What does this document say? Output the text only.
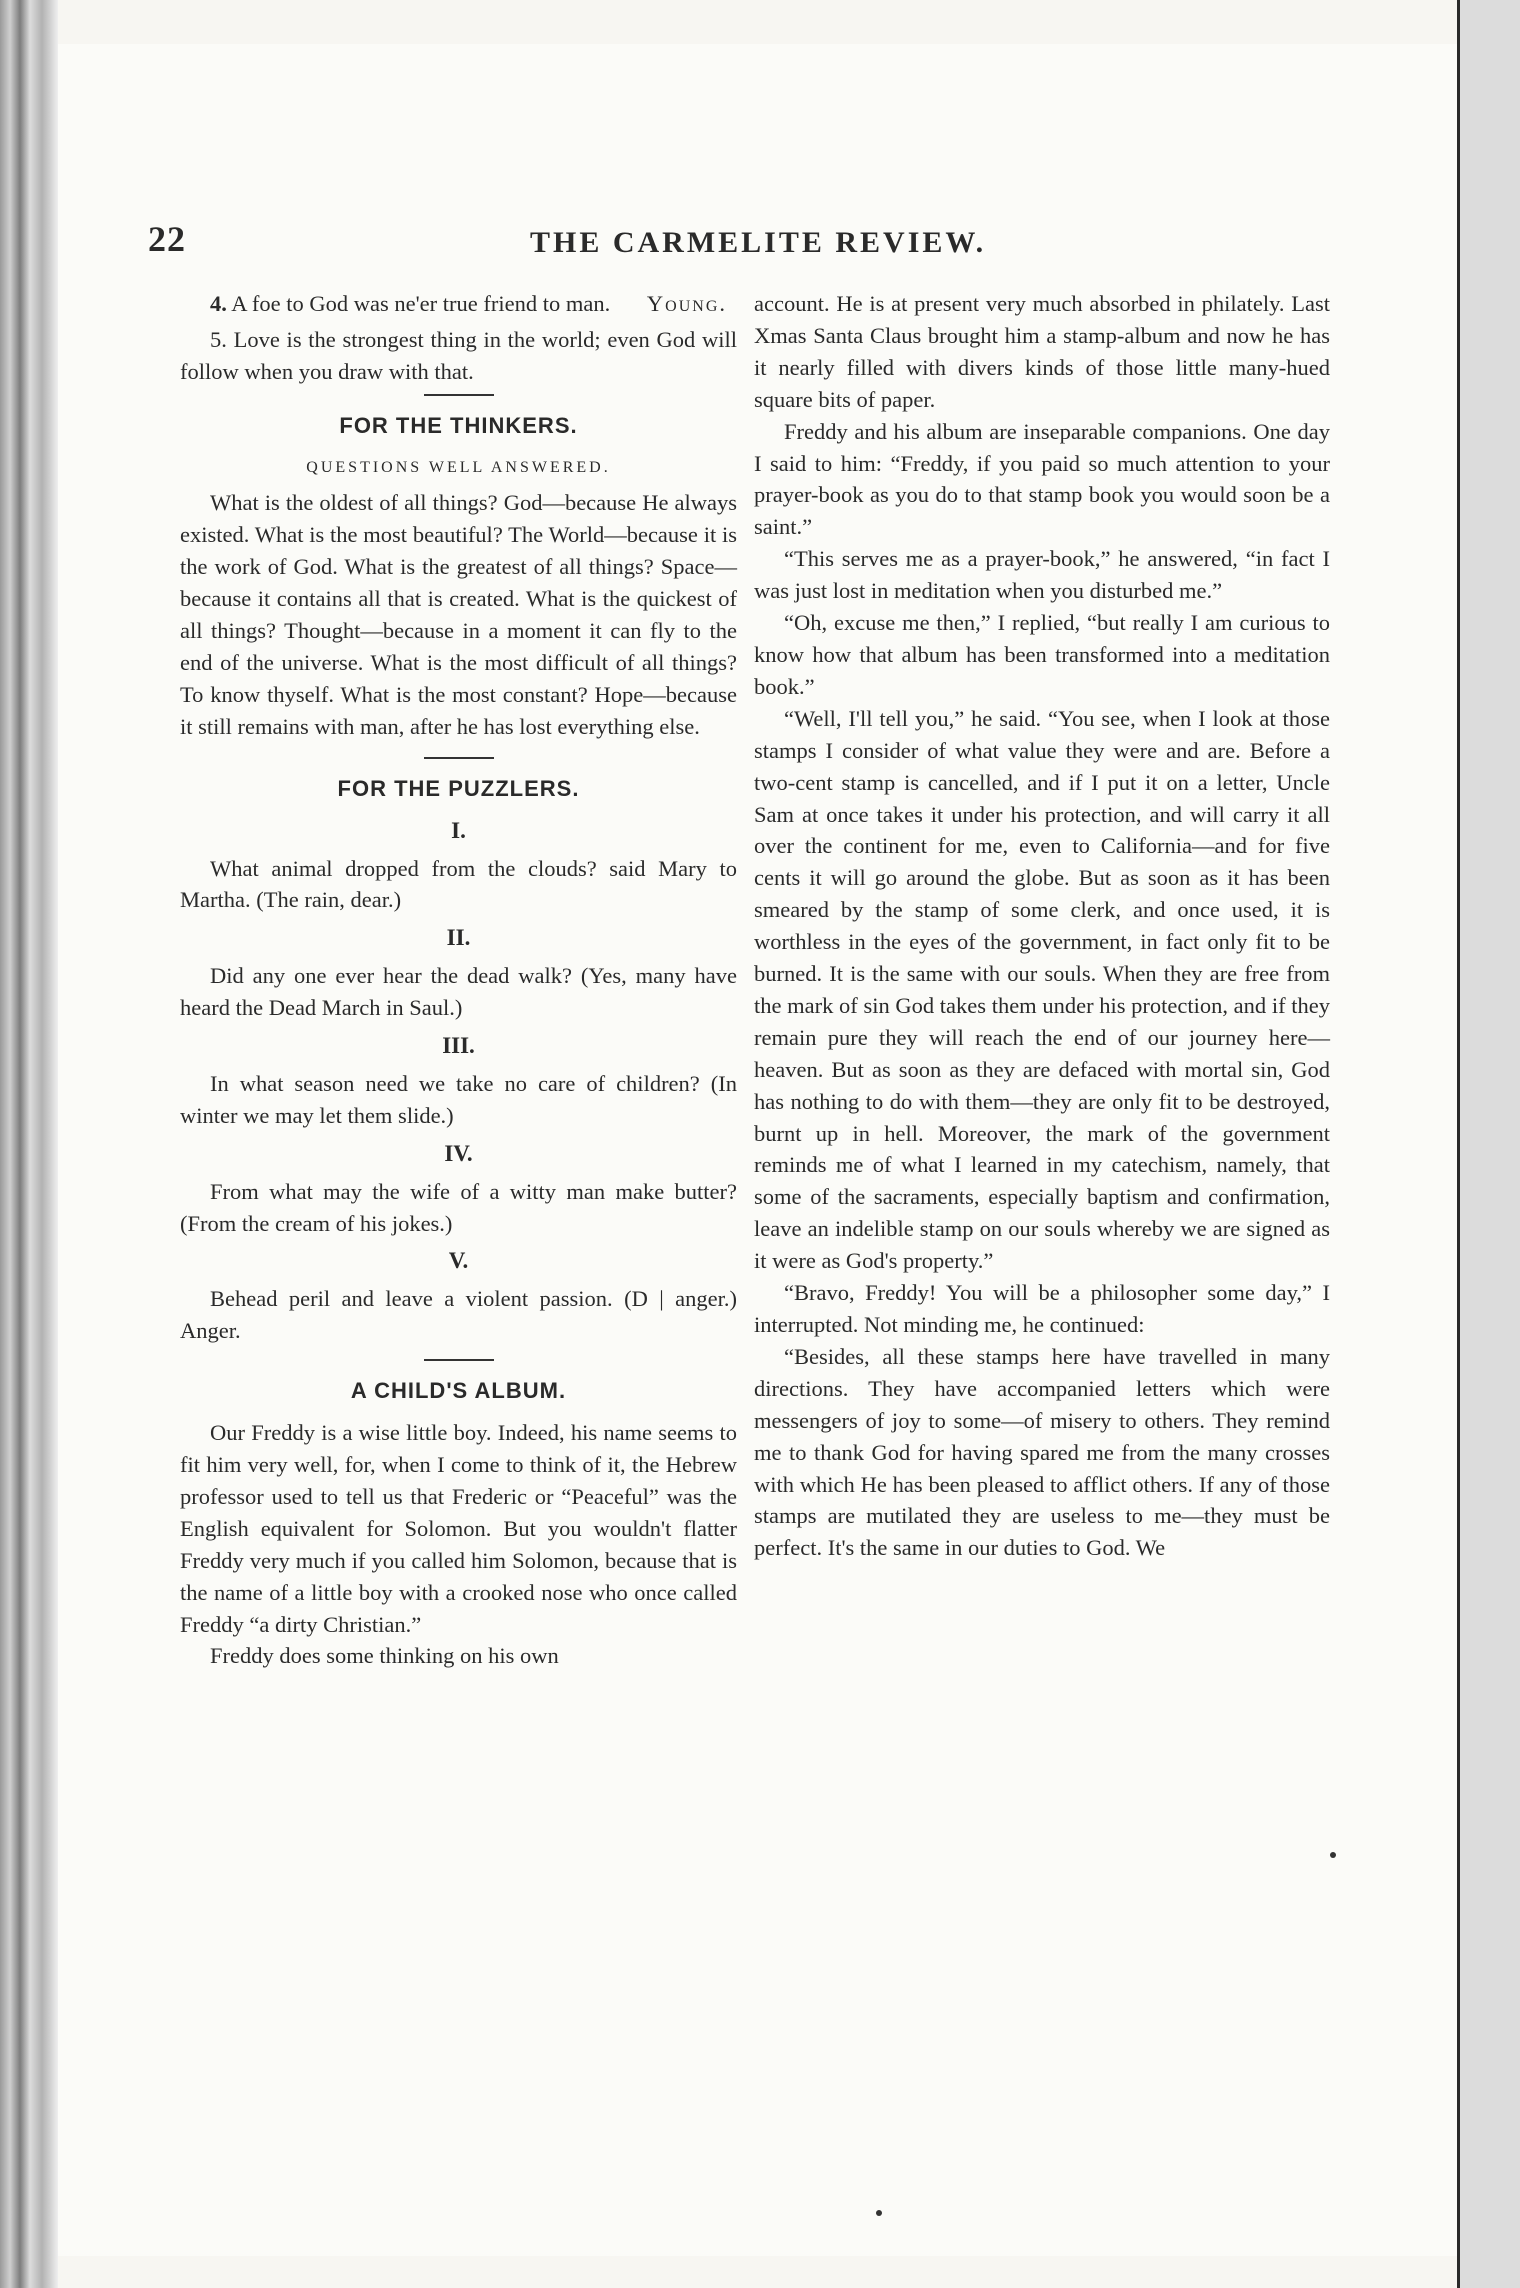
22	THE CARMELITE REVIEW.

4. A foe to God was ne'er true friend to man.	Young.

5. Love is the strongest thing in the world; even God will follow when you draw with that.

FOR THE THINKERS.
QUESTIONS WELL ANSWERED.

What is the oldest of all things? God—because He always existed. What is the most beautiful? The World—because it is the work of God. What is the greatest of all things? Space—because it contains all that is created. What is the quickest of all things? Thought—because in a moment it can fly to the end of the universe. What is the most difficult of all things? To know thyself. What is the most constant? Hope—because it still remains with man, after he has lost everything else.

FOR THE PUZZLERS.
I.

What animal dropped from the clouds? said Mary to Martha. (The rain, dear.)

II.

Did any one ever hear the dead walk? (Yes, many have heard the Dead March in Saul.)

III.

In what season need we take no care of children? (In winter we may let them slide.)

IV.

From what may the wife of a witty man make butter? (From the cream of his jokes.)

V.

Behead peril and leave a violent passion. (D | anger.) Anger.

A CHILD'S ALBUM.

Our Freddy is a wise little boy. Indeed, his name seems to fit him very well, for, when I come to think of it, the Hebrew professor used to tell us that Frederic or “Peaceful” was the English equivalent for Solomon. But you wouldn't flatter Freddy very much if you called him Solomon, because that is the name of a little boy with a crooked nose who once called Freddy “a dirty Christian.”

Freddy does some thinking on his own

account. He is at present very much absorbed in philately. Last Xmas Santa Claus brought him a stamp-album and now he has it nearly filled with divers kinds of those little many-hued square bits of paper.

Freddy and his album are inseparable companions. One day I said to him: “Freddy, if you paid so much attention to your prayer-book as you do to that stamp book you would soon be a saint.”

“This serves me as a prayer-book,” he answered, “in fact I was just lost in meditation when you disturbed me.”

“Oh, excuse me then,” I replied, “but really I am curious to know how that album has been transformed into a meditation book.”

“Well, I'll tell you,” he said. “You see, when I look at those stamps I consider of what value they were and are. Before a two-cent stamp is cancelled, and if I put it on a letter, Uncle Sam at once takes it under his protection, and will carry it all over the continent for me, even to California—and for five cents it will go around the globe. But as soon as it has been smeared by the stamp of some clerk, and once used, it is worthless in the eyes of the government, in fact only fit to be burned. It is the same with our souls. When they are free from the mark of sin God takes them under his protection, and if they remain pure they will reach the end of our journey here—heaven. But as soon as they are defaced with mortal sin, God has nothing to do with them—they are only fit to be destroyed, burnt up in hell. Moreover, the mark of the government reminds me of what I learned in my catechism, namely, that some of the sacraments, especially baptism and confirmation, leave an indelible stamp on our souls whereby we are signed as it were as God's property.”

“Bravo, Freddy! You will be a philosopher some day,” I interrupted. Not minding me, he continued:

“Besides, all these stamps here have travelled in many directions. They have accompanied letters which were messengers of joy to some—of misery to others. They remind me to thank God for having spared me from the many crosses with which He has been pleased to afflict others. If any of those stamps are mutilated they are useless to me—they must be perfect. It's the same in our duties to God. We
